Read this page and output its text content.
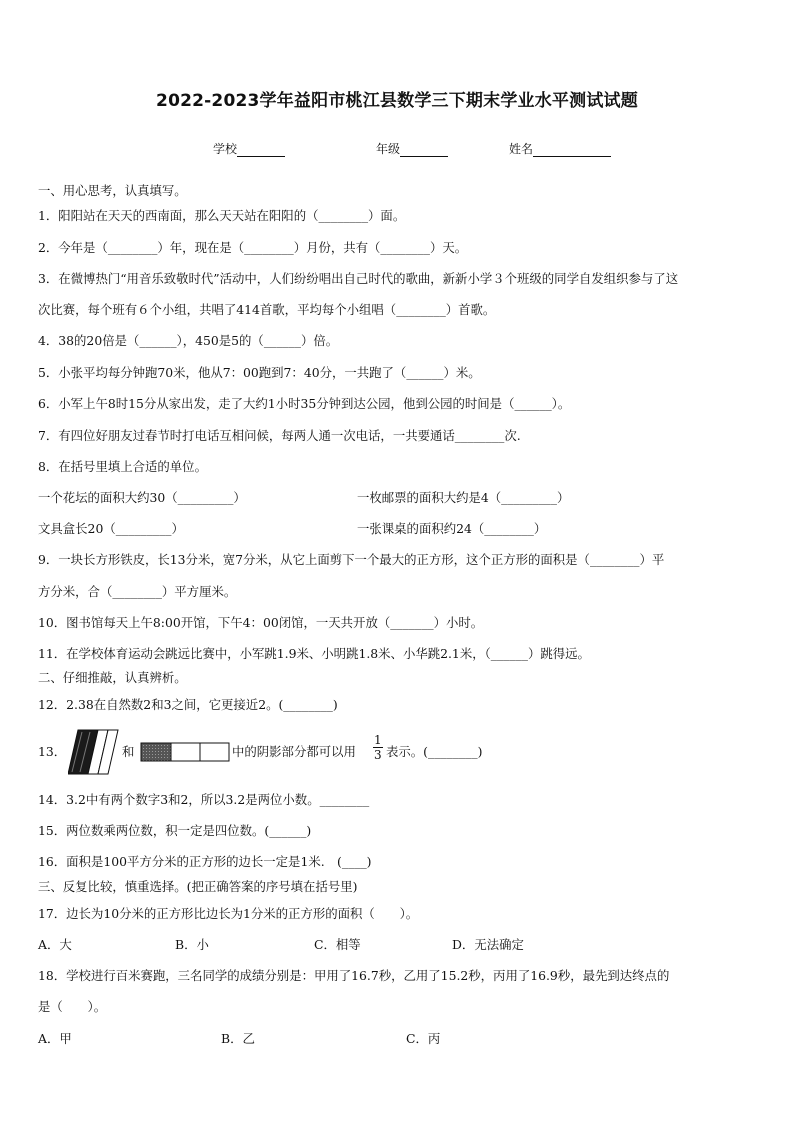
2022-2023学年益阳市桃江县数学三下期末学业水平测试试题
学校	年级	姓名
一、用心思考，认真填写。
1．阳阳站在天天的西南面，那么天天站在阳阳的（________）面。
2．今年是（________）年，现在是（________）月份，共有（________）天。
3．在微博热门“用音乐致敬时代”活动中，人们纷纷唱出自己时代的歌曲，新新小学３个班级的同学自发组织参与了这
次比赛，每个班有６个小组，共唱了414首歌，平均每个小组唱（________）首歌。
4．38的20倍是（______），450是5的（______）倍。
5．小张平均每分钟跑70米，他从7：00跑到7：40分，一共跑了（______）米。
6．小军上午8时15分从家出发，走了大约1小时35分钟到达公园，他到公园的时间是（______）。
7．有四位好朋友过春节时打电话互相问候，每两人通一次电话，一共要通话________次.
8．在括号里填上合适的单位。
一个花坛的面积大约30（_________）	一枚邮票的面积大约是4（_________）
文具盒长20（_________）	一张课桌的面积约24（________）
9．一块长方形铁皮，长13分米，宽7分米，从它上面剪下一个最大的正方形，这个正方形的面积是（________）平
方分米，合（________）平方厘米。
10．图书馆每天上午8:00开馆，下午4：00闭馆，一天共开放（_______）小时。
11．在学校体育运动会跳远比赛中，小军跳1.9米、小明跳1.8米、小华跳2.1米，（______）跳得远。
二、仔细推敲，认真辨析。
12．2.38在自然数2和3之间，它更接近2。(________)
13．	和	中的阴影部分都可以用 $\frac{1}{3}$ 表示。(________)
14．3.2中有两个数字3和2，所以3.2是两位小数。________
15．两位数乘两位数，积一定是四位数。(______)
16．面积是100平方分米的正方形的边长一定是1米.　(____)
三、反复比较，慎重选择。(把正确答案的序号填在括号里)
17．边长为10分米的正方形比边长为1分米的正方形的面积（　　）。
A．大	B．小	C．相等	D．无法确定
18．学校进行百米赛跑，三名同学的成绩分别是：甲用了16.7秒，乙用了15.2秒，丙用了16.9秒，最先到达终点的
是（　　）。
A．甲	B．乙	C．丙
